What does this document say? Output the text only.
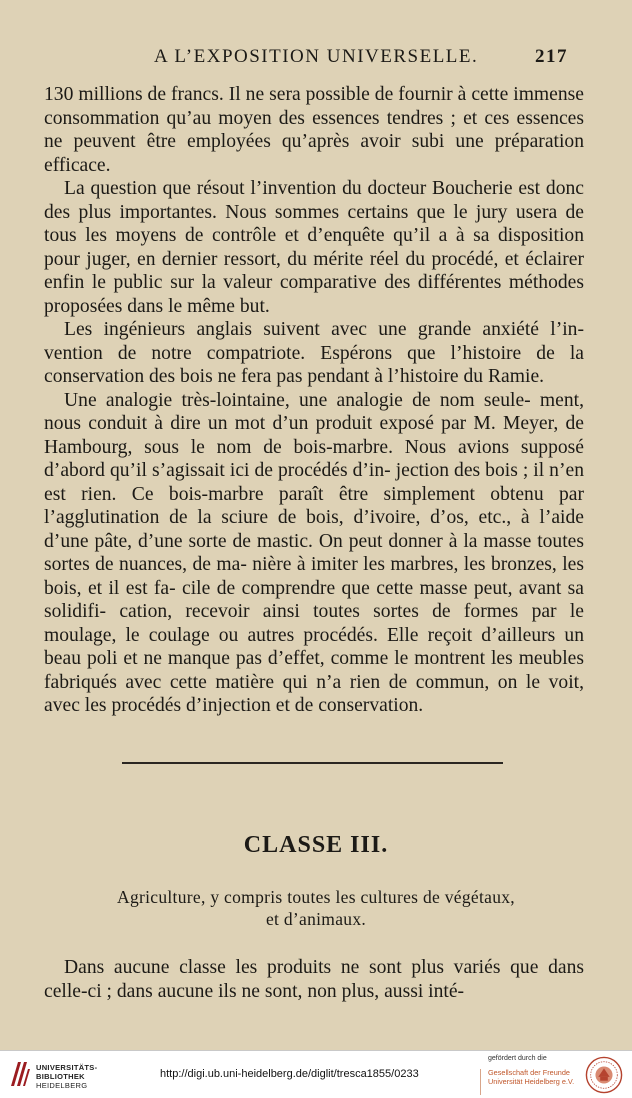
A L’EXPOSITION UNIVERSELLE.	217

130 millions de francs. Il ne sera possible de fournir à cette immense consommation qu’au moyen des essences tendres ; et ces essences ne peuvent être employées qu’après avoir subi une préparation efficace.

La question que résout l’invention du docteur Boucherie est donc des plus importantes. Nous sommes certains que le jury usera de tous les moyens de contrôle et d’enquête qu’il a à sa disposition pour juger, en dernier ressort, du mérite réel du procédé, et éclairer enfin le public sur la valeur comparative des différentes méthodes proposées dans le même but.

Les ingénieurs anglais suivent avec une grande anxiété l’in- vention de notre compatriote. Espérons que l’histoire de la conservation des bois ne fera pas pendant à l’histoire du Ramie.

Une analogie très-lointaine, une analogie de nom seule- ment, nous conduit à dire un mot d’un produit exposé par M. Meyer, de Hambourg, sous le nom de bois-marbre. Nous avions supposé d’abord qu’il s’agissait ici de procédés d’in- jection des bois ; il n’en est rien. Ce bois-marbre paraît être simplement obtenu par l’agglutination de la sciure de bois, d’ivoire, d’os, etc., à l’aide d’une pâte, d’une sorte de mastic. On peut donner à la masse toutes sortes de nuances, de ma- nière à imiter les marbres, les bronzes, les bois, et il est fa- cile de comprendre que cette masse peut, avant sa solidifi- cation, recevoir ainsi toutes sortes de formes par le moulage, le coulage ou autres procédés. Elle reçoit d’ailleurs un beau poli et ne manque pas d’effet, comme le montrent les meubles fabriqués avec cette matière qui n’a rien de commun, on le voit, avec les procédés d’injection et de conservation.

CLASSE III.
Agriculture, y compris toutes les cultures de végétaux,
et d’animaux.

Dans aucune classe les produits ne sont plus variés que dans celle-ci ; dans aucune ils ne sont, non plus, aussi inté-

UNIVERSITÄTS-
BIBLIOTHEK
HEIDELBERG
http://digi.ub.uni-heidelberg.de/diglit/tresca1855/0233
gefördert durch die
Gesellschaft der Freunde
Universität Heidelberg e.V.
